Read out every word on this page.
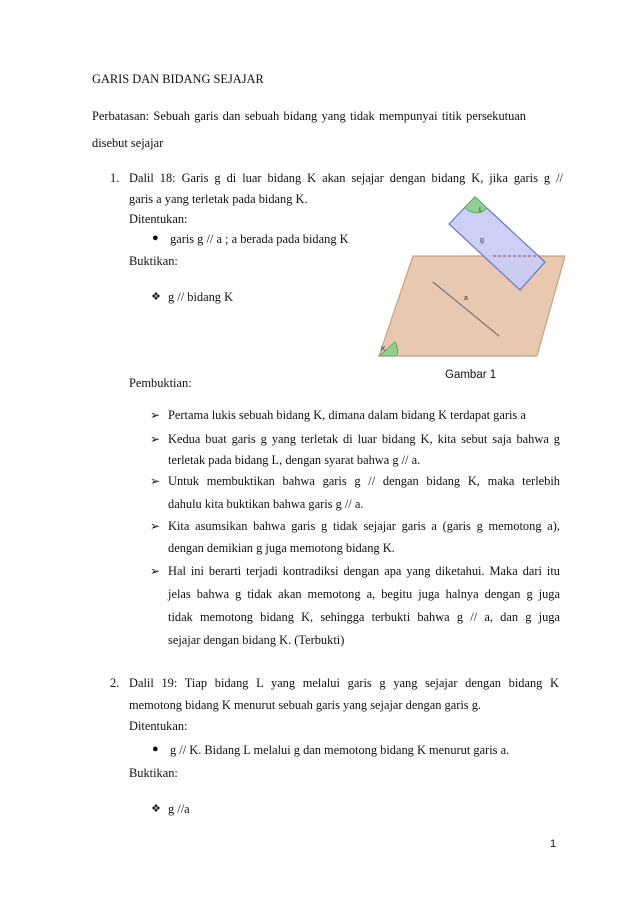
GARIS DAN BIDANG SEJAJAR
Perbatasan: Sebuah garis dan sebuah bidang yang tidak mempunyai titik persekutuan
disebut sejajar
1. Dalil 18: Garis g di luar bidang K akan sejajar dengan bidang K, jika garis g //
garis a yang terletak pada bidang K.
Ditentukan:
● garis g // a ; a berada pada bidang K
Buktikan:
❖ g // bidang K
L
g
a
K
Gambar 1
Pembuktian:
➢ Pertama lukis sebuah bidang K, dimana dalam bidang K terdapat garis a
➢ Kedua buat garis g yang terletak di luar bidang K, kita sebut saja bahwa g
terletak pada bidang L, dengan syarat bahwa g // a.
➢ Untuk membuktikan bahwa garis g // dengan bidang K, maka terlebih
dahulu kita buktikan bahwa garis g // a.
➢ Kita asumsikan bahwa garis g tidak sejajar garis a (garis g memotong a),
dengan demikian g juga memotong bidang K.
➢ Hal ini berarti terjadi kontradiksi dengan apa yang diketahui. Maka dari itu
jelas bahwa g tidak akan memotong a, begitu juga halnya dengan g juga
tidak memotong bidang K, sehingga terbukti bahwa g // a, dan g juga
sejajar dengan bidang K. (Terbukti)
2. Dalil 19: Tiap bidang L yang melalui garis g yang sejajar dengan bidang K
memotong bidang K menurut sebuah garis yang sejajar dengan garis g.
Ditentukan:
● g // K. Bidang L melalui g dan memotong bidang K menurut garis a.
Buktikan:
❖ g //a
1
